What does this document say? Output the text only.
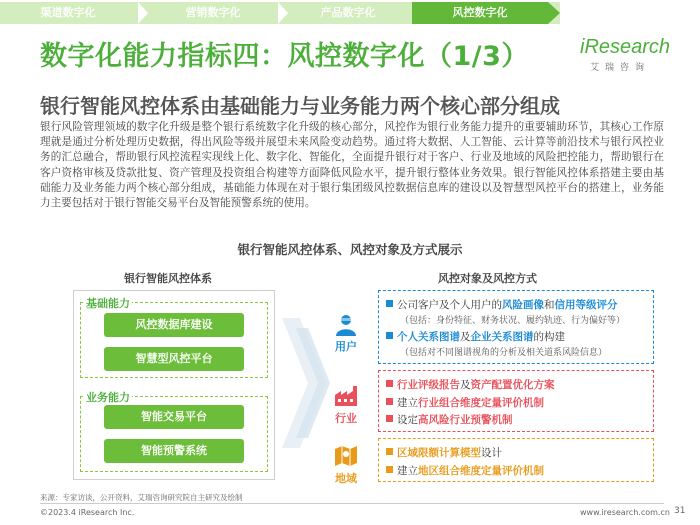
渠道数字化	营销数字化	产品数字化	风控数字化
数字化能力指标四：风控数字化（1/3）	iResearch
艾瑞咨询
银行智能风控体系由基础能力与业务能力两个核心部分组成
银行风险管理领域的数字化升级是整个银行系统数字化升级的核心部分，风控作为银行业务能力提升的重要辅助环节，其核心工作原理就是通过分析处理历史数据，得出风险等级并展望未来风险变动趋势。通过将大数据、人工智能、云计算等前沿技术与银行风控业务的汇总融合，帮助银行风控流程实现线上化、数字化、智能化，全面提升银行对于客户、行业及地域的风险把控能力，帮助银行在客户资格审核及贷款批复、资产管理及投资组合构建等方面降低风险水平，提升银行整体业务效果。银行智能风控体系搭建主要由基础能力及业务能力两个核心部分组成，基础能力体现在对于银行集团级风控数据信息库的建设以及智慧型风控平台的搭建上，业务能力主要包括对于银行智能交易平台及智能预警系统的使用。
银行智能风控体系、风控对象及方式展示
银行智能风控体系
基础能力
风控数据库建设
智慧型风控平台
业务能力
智能交易平台
智能预警系统
风控对象及风控方式
用户
公司客户及个人用户的风险画像和信用等级评分
（包括：身份特征、财务状况、履约轨迹、行为偏好等）
个人关系图谱及企业关系图谱的构建
（包括对不同图谱视角的分析及相关道系风险信息）
行业
行业评级报告及资产配置优化方案
建立行业组合维度定量评价机制
设定高风险行业预警机制
地域
区域限额计算模型设计
建立地区组合维度定量评价机制
来源：专家访谈，公开资料，艾瑞咨询研究院自主研究及绘制
©2023.4 iResearch Inc.	www.iresearch.com.cn 31
